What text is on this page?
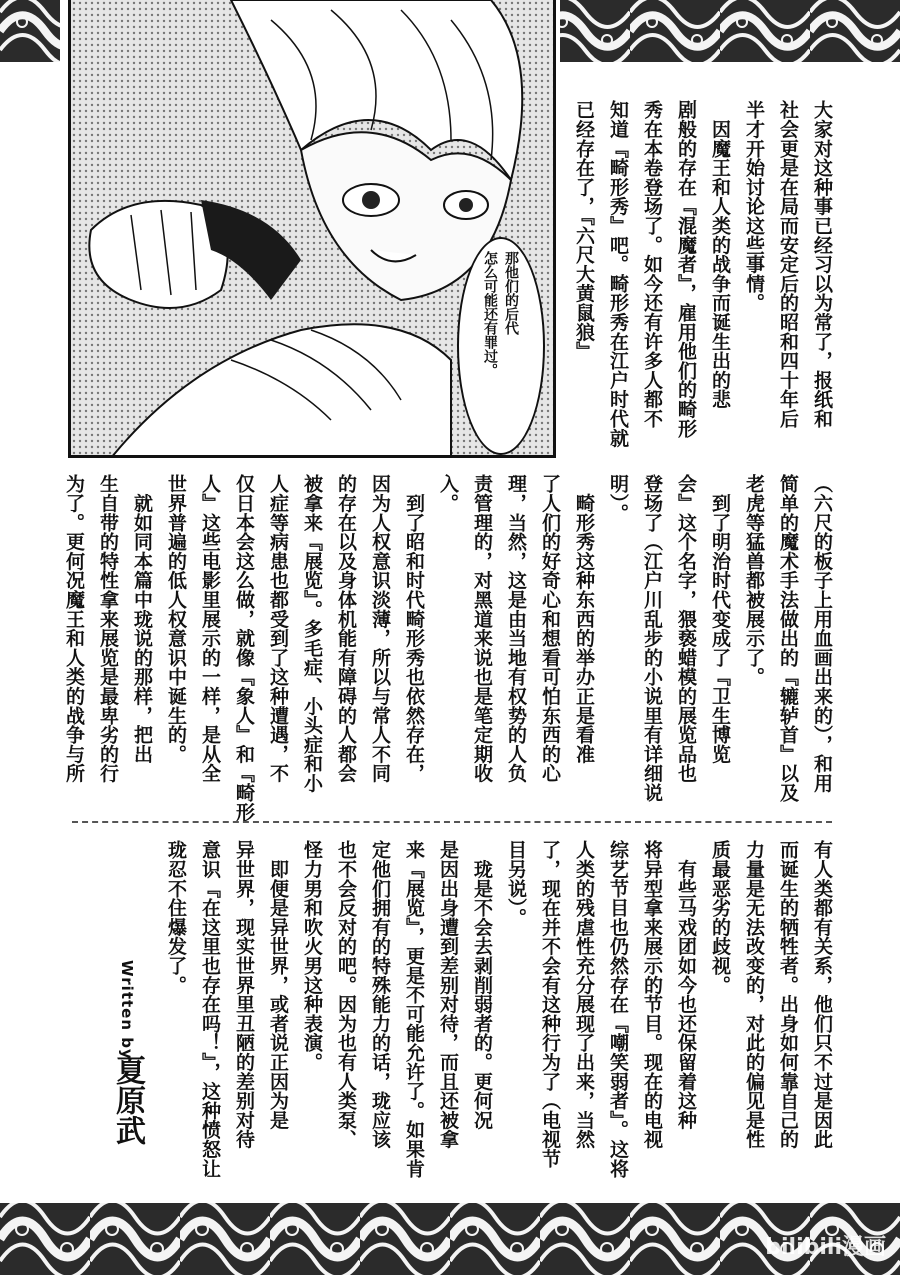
那他们的后代
怎么可能还有罪过。	大家对这种事已经习以为常了，报纸和
社会更是在局而安定后的昭和四十年后
半才开始讨论这些事情。
　因魔王和人类的战争而诞生出的悲
剧般的存在『混魔者』，雇用他们的畸形
秀在本卷登场了。如今还有许多人都不
知道『畸形秀』吧。畸形秀在江户时代就
已经存在了，『六尺大黄鼠狼』
（六尺的板子上用血画出来的），和用
简单的魔术手法做出的『辘轳首』以及
老虎等猛兽都被展示了。
　到了明治时代变成了『卫生博览
会』这个名字，猥亵蜡模的展览品也
登场了（江户川乱步的小说里有详细说
明）。
　畸形秀这种东西的举办正是看准
了人们的好奇心和想看可怕东西的心
理，当然，这是由当地有权势的人负
责管理的，对黑道来说也是笔定期收
入。
　到了昭和时代畸形秀也依然存在，
因为人权意识淡薄，所以与常人不同
的存在以及身体机能有障碍的人都会
被拿来『展览』。多毛症、小头症和小
人症等病患也都受到了这种遭遇，不
仅日本会这么做，就像『象人』和『畸形
人』这些电影里展示的一样，是从全
世界普遍的低人权意识中诞生的。
　就如同本篇中珑说的那样，把出
生自带的特性拿来展览是最卑劣的行
为了。更何况魔王和人类的战争与所
有人类都有关系，他们只不过是因此
而诞生的牺牲者。出身如何靠自己的
力量是无法改变的，对此的偏见是性
质最恶劣的歧视。
　有些马戏团如今也还保留着这种
将异型拿来展示的节目。现在的电视
综艺节目也仍然存在『嘲笑弱者』。这将
人类的残虐性充分展现了出来，当然
了，现在并不会有这种行为了（电视节
目另说）。
　珑是不会去剥削弱者的。更何况
是因出身遭到差别对待，而且还被拿
来『展览』，更是不可能允许了。如果肯
定他们拥有的特殊能力的话，珑应该
也不会反对的吧。因为也有人类泵、
怪力男和吹火男这种表演。
　即便是异世界，或者说正因为是
异世界，现实世界里丑陋的差别对待
意识『在这里也存在吗！』，这种愤怒让
珑忍不住爆发了。
Written by
夏原武
bilibili漫画
